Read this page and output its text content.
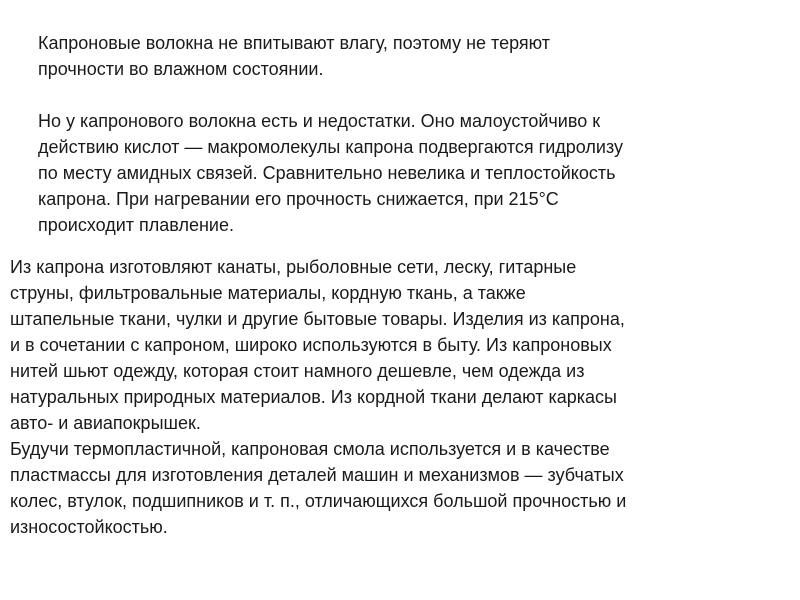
Капроновые волокна не впитывают влагу, поэтому не теряют
прочности во влажном состоянии.

Но у капронового волокна есть и недостатки. Оно малоустойчиво к
действию кислот — макромолекулы капрона подвергаются гидролизу
по месту амидных связей. Сравнительно невелика и теплостойкость
капрона. При нагревании его прочность снижается, при 215°С
происходит плавление.

Из капрона изготовляют канаты, рыболовные сети, леску, гитарные
струны, фильтровальные материалы, кордную ткань, а также
штапельные ткани, чулки и другие бытовые товары. Изделия из капрона,
и в сочетании с капроном, широко используются в быту. Из капроновых
нитей шьют одежду, которая стоит намного дешевле, чем одежда из
натуральных природных материалов. Из кордной ткани делают каркасы
авто- и авиапокрышек.
Будучи термопластичной, капроновая смола используется и в качестве
пластмассы для изготовления деталей машин и механизмов — зубчатых
колес, втулок, подшипников и т. п., отличающихся большой прочностью и
износостойкостью.
